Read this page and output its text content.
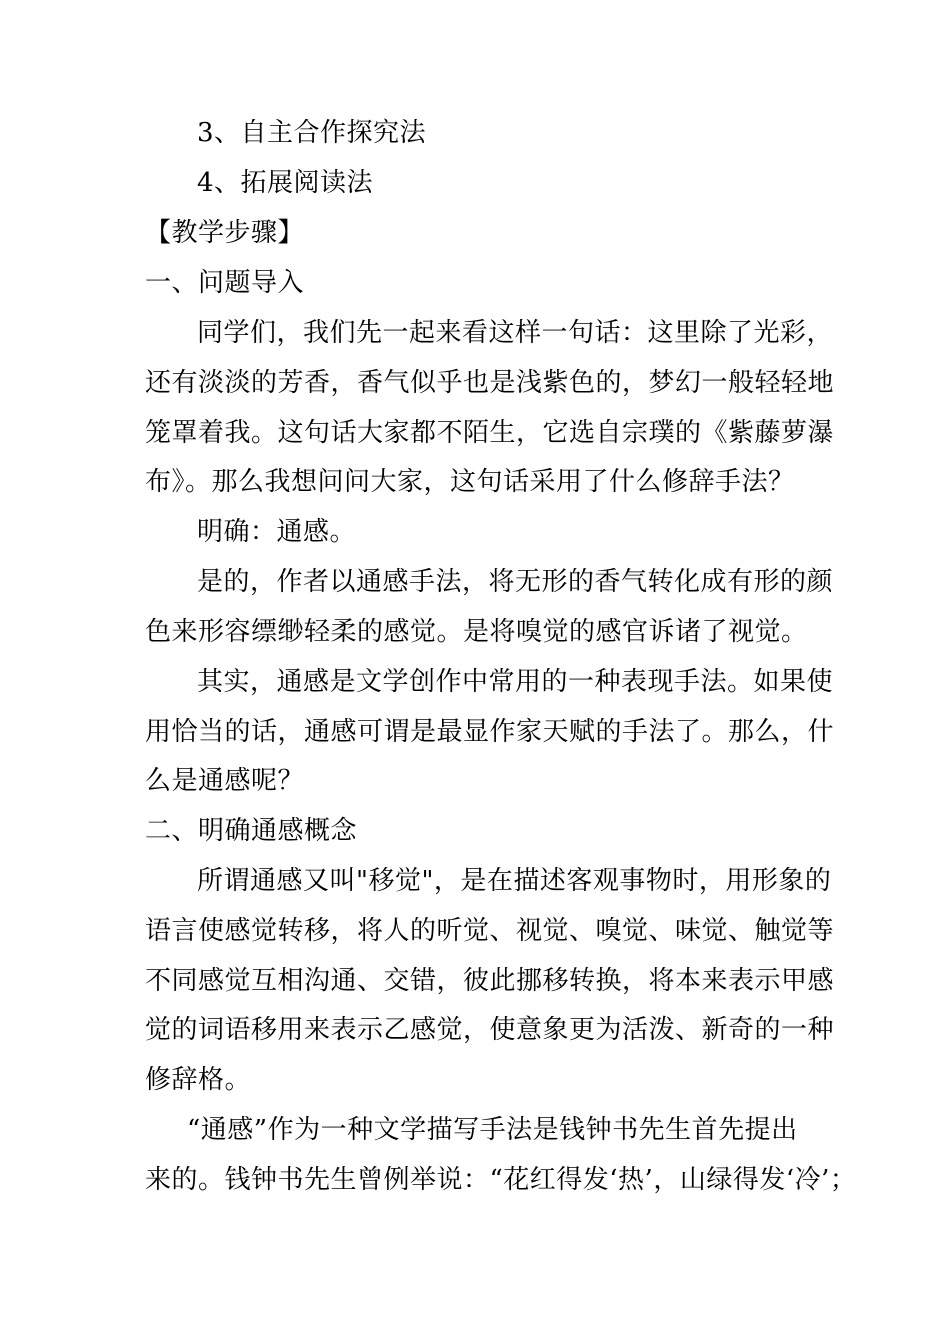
3、自主合作探究法
4、拓展阅读法
【教学步骤】
一、问题导入
同学们，我们先一起来看这样一句话：这里除了光彩，
还有淡淡的芳香，香气似乎也是浅紫色的，梦幻一般轻轻地
笼罩着我。这句话大家都不陌生，它选自宗璞的《紫藤萝瀑
布》。那么我想问问大家，这句话采用了什么修辞手法？
明确：通感。
是的，作者以通感手法，将无形的香气转化成有形的颜
色来形容缥缈轻柔的感觉。是将嗅觉的感官诉诸了视觉。
其实，通感是文学创作中常用的一种表现手法。如果使
用恰当的话，通感可谓是最显作家天赋的手法了。那么，什
么是通感呢？
二、明确通感概念
所谓通感又叫"移觉"，是在描述客观事物时，用形象的
语言使感觉转移，将人的听觉、视觉、嗅觉、味觉、触觉等
不同感觉互相沟通、交错，彼此挪移转换，将本来表示甲感
觉的词语移用来表示乙感觉，使意象更为活泼、新奇的一种
修辞格。
“通感”作为一种文学描写手法是钱钟书先生首先提出
来的。钱钟书先生曾例举说：“花红得发‘热’，山绿得发‘冷’；
